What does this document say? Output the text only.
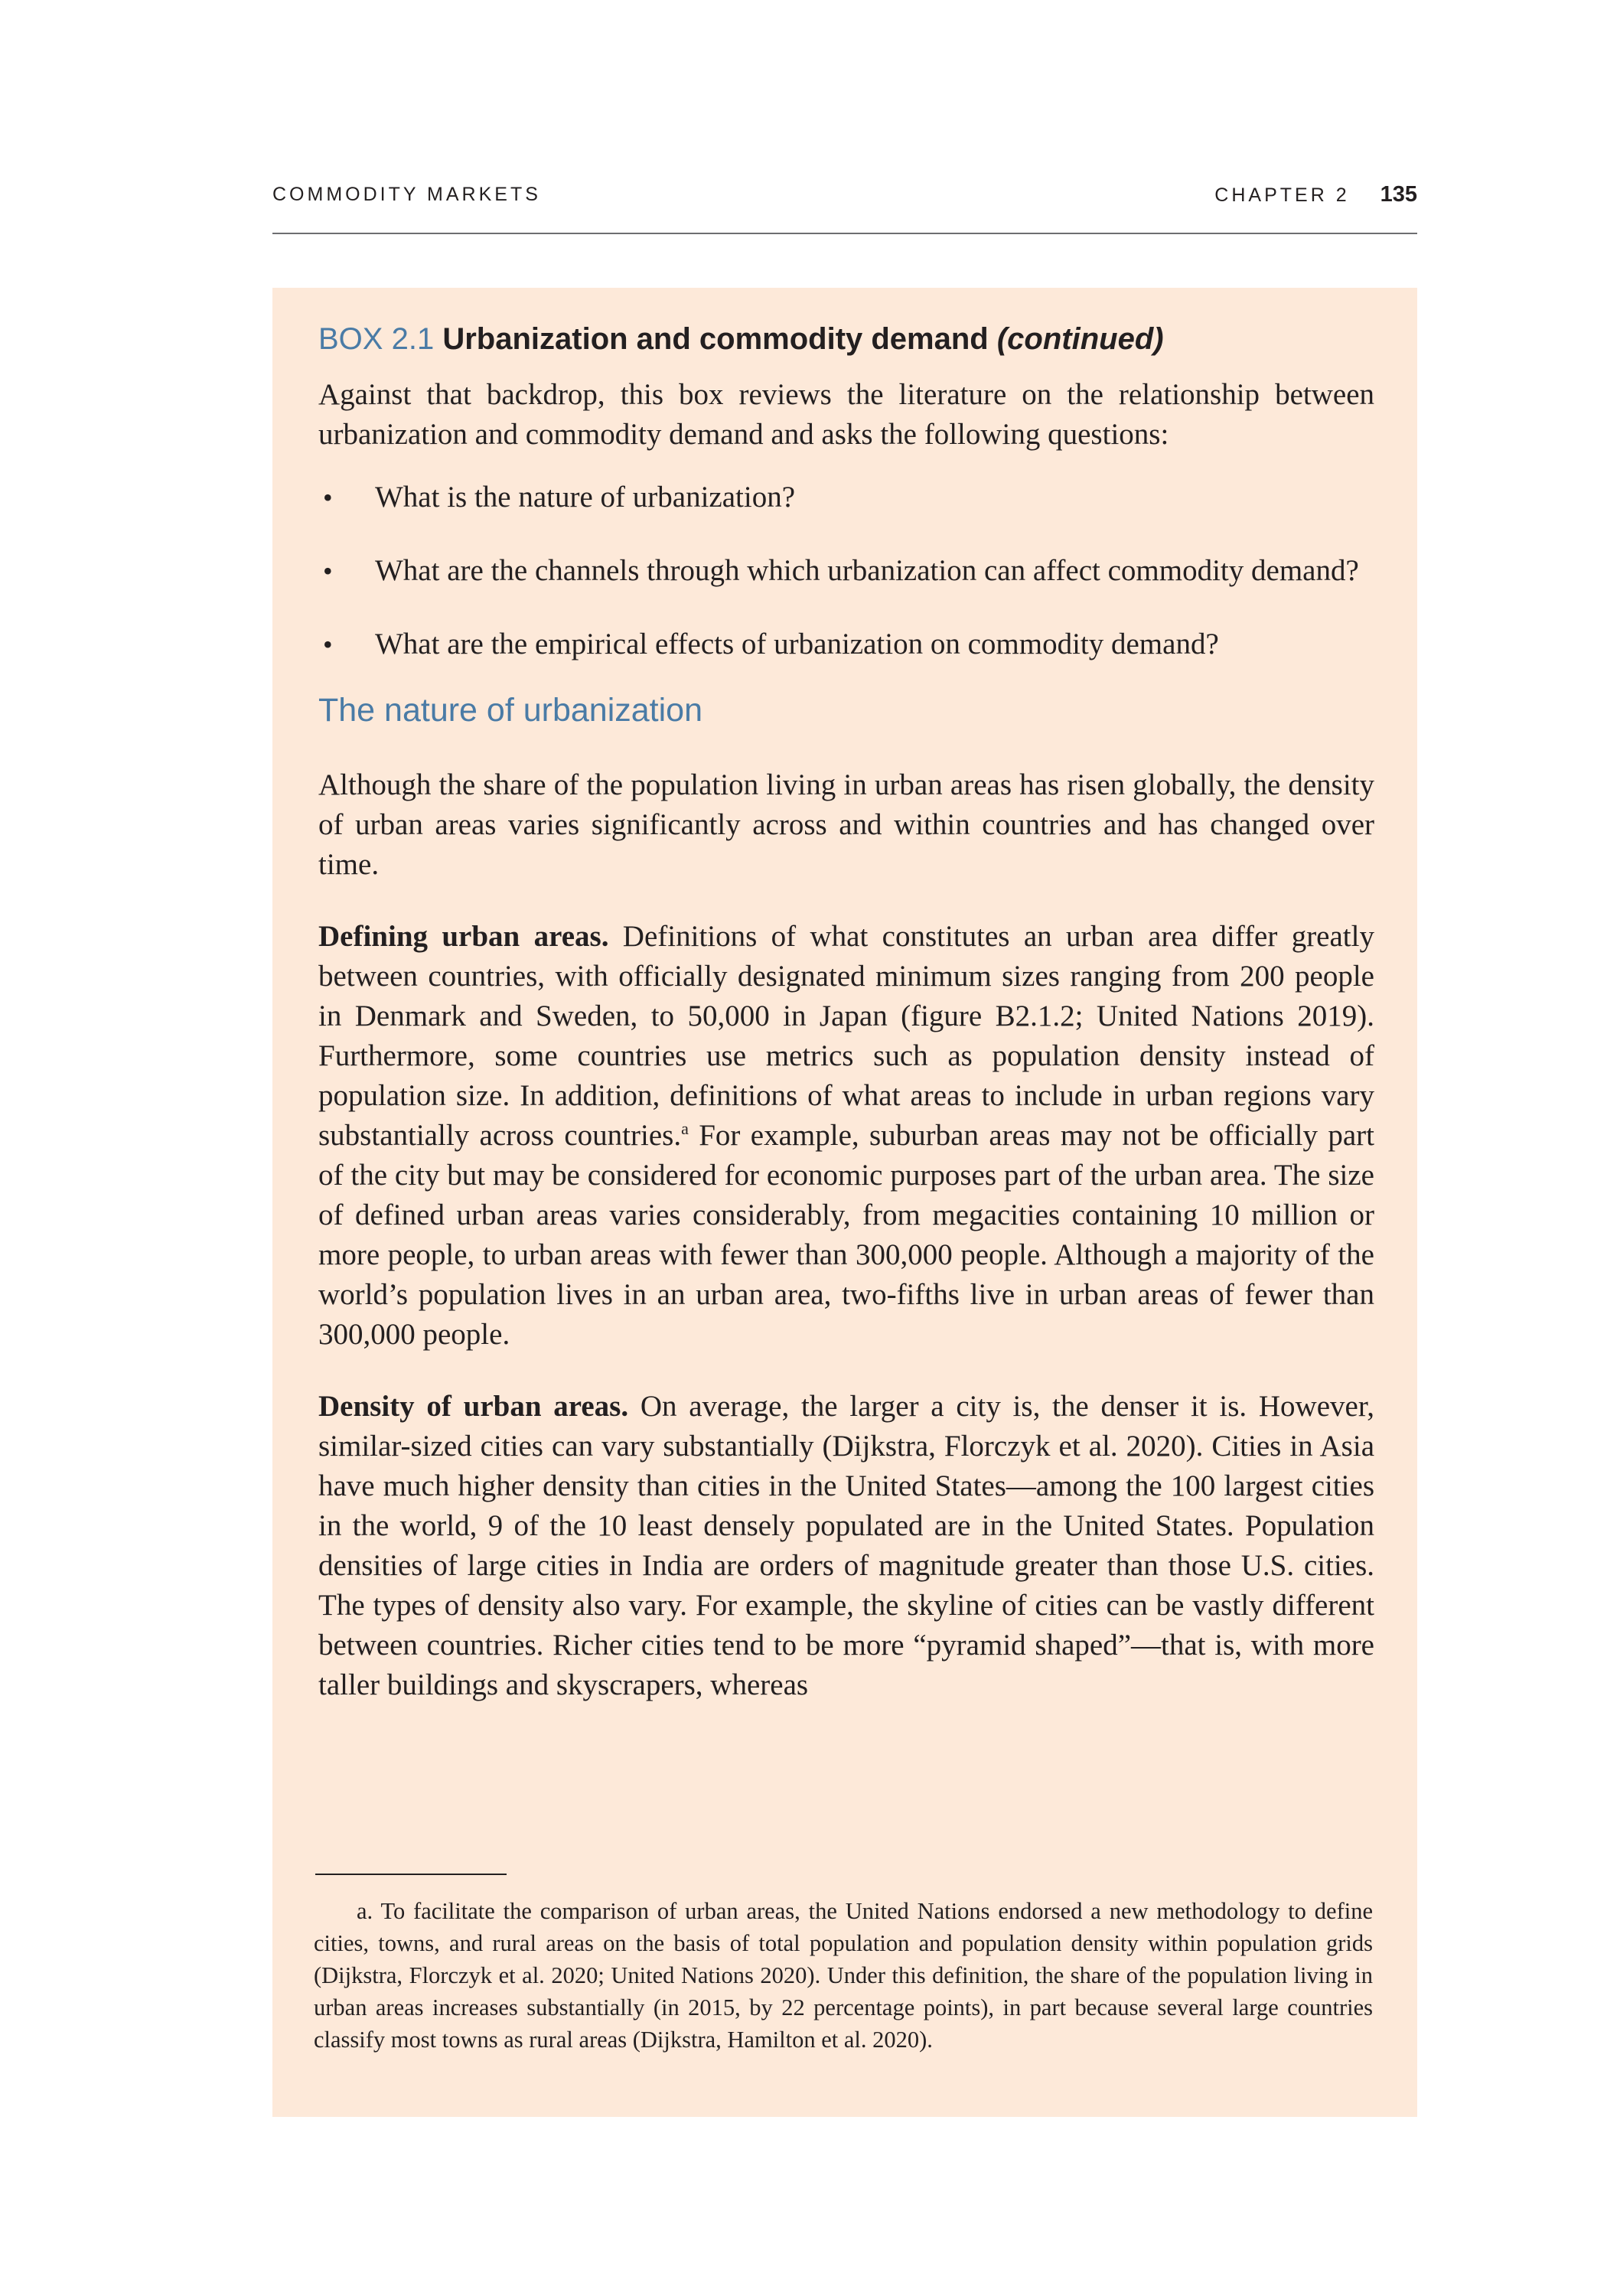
COMMODITY MARKETS	CHAPTER 2 135
BOX 2.1 Urbanization and commodity demand (continued)

Against that backdrop, this box reviews the literature on the relationship between urbanization and commodity demand and asks the following questions:

• What is the nature of urbanization?
• What are the channels through which urbanization can affect commodity demand?
• What are the empirical effects of urbanization on commodity demand?
The nature of urbanization

Although the share of the population living in urban areas has risen globally, the density of urban areas varies significantly across and within countries and has changed over time.

Defining urban areas. Definitions of what constitutes an urban area differ greatly between countries, with officially designated minimum sizes ranging from 200 people in Denmark and Sweden, to 50,000 in Japan (figure B2.1.2; United Nations 2019). Furthermore, some countries use metrics such as population density instead of population size. In addition, definitions of what areas to include in urban regions vary substantially across countries.$^a$ For example, suburban areas may not be officially part of the city but may be considered for economic purposes part of the urban area. The size of defined urban areas varies considerably, from megacities containing 10 million or more people, to urban areas with fewer than 300,000 people. Although a majority of the world’s population lives in an urban area, two-fifths live in urban areas of fewer than 300,000 people.

Density of urban areas. On average, the larger a city is, the denser it is. However, similar-sized cities can vary substantially (Dijkstra, Florczyk et al. 2020). Cities in Asia have much higher density than cities in the United States—among the 100 largest cities in the world, 9 of the 10 least densely populated are in the United States. Population densities of large cities in India are orders of magnitude greater than those U.S. cities. The types of density also vary. For example, the skyline of cities can be vastly different between countries. Richer cities tend to be more “pyramid shaped”—that is, with more taller buildings and skyscrapers, whereas

a. To facilitate the comparison of urban areas, the United Nations endorsed a new methodology to define cities, towns, and rural areas on the basis of total population and population density within population grids (Dijkstra, Florczyk et al. 2020; United Nations 2020). Under this definition, the share of the population living in urban areas increases substantially (in 2015, by 22 percentage points), in part because several large countries classify most towns as rural areas (Dijkstra, Hamilton et al. 2020).
